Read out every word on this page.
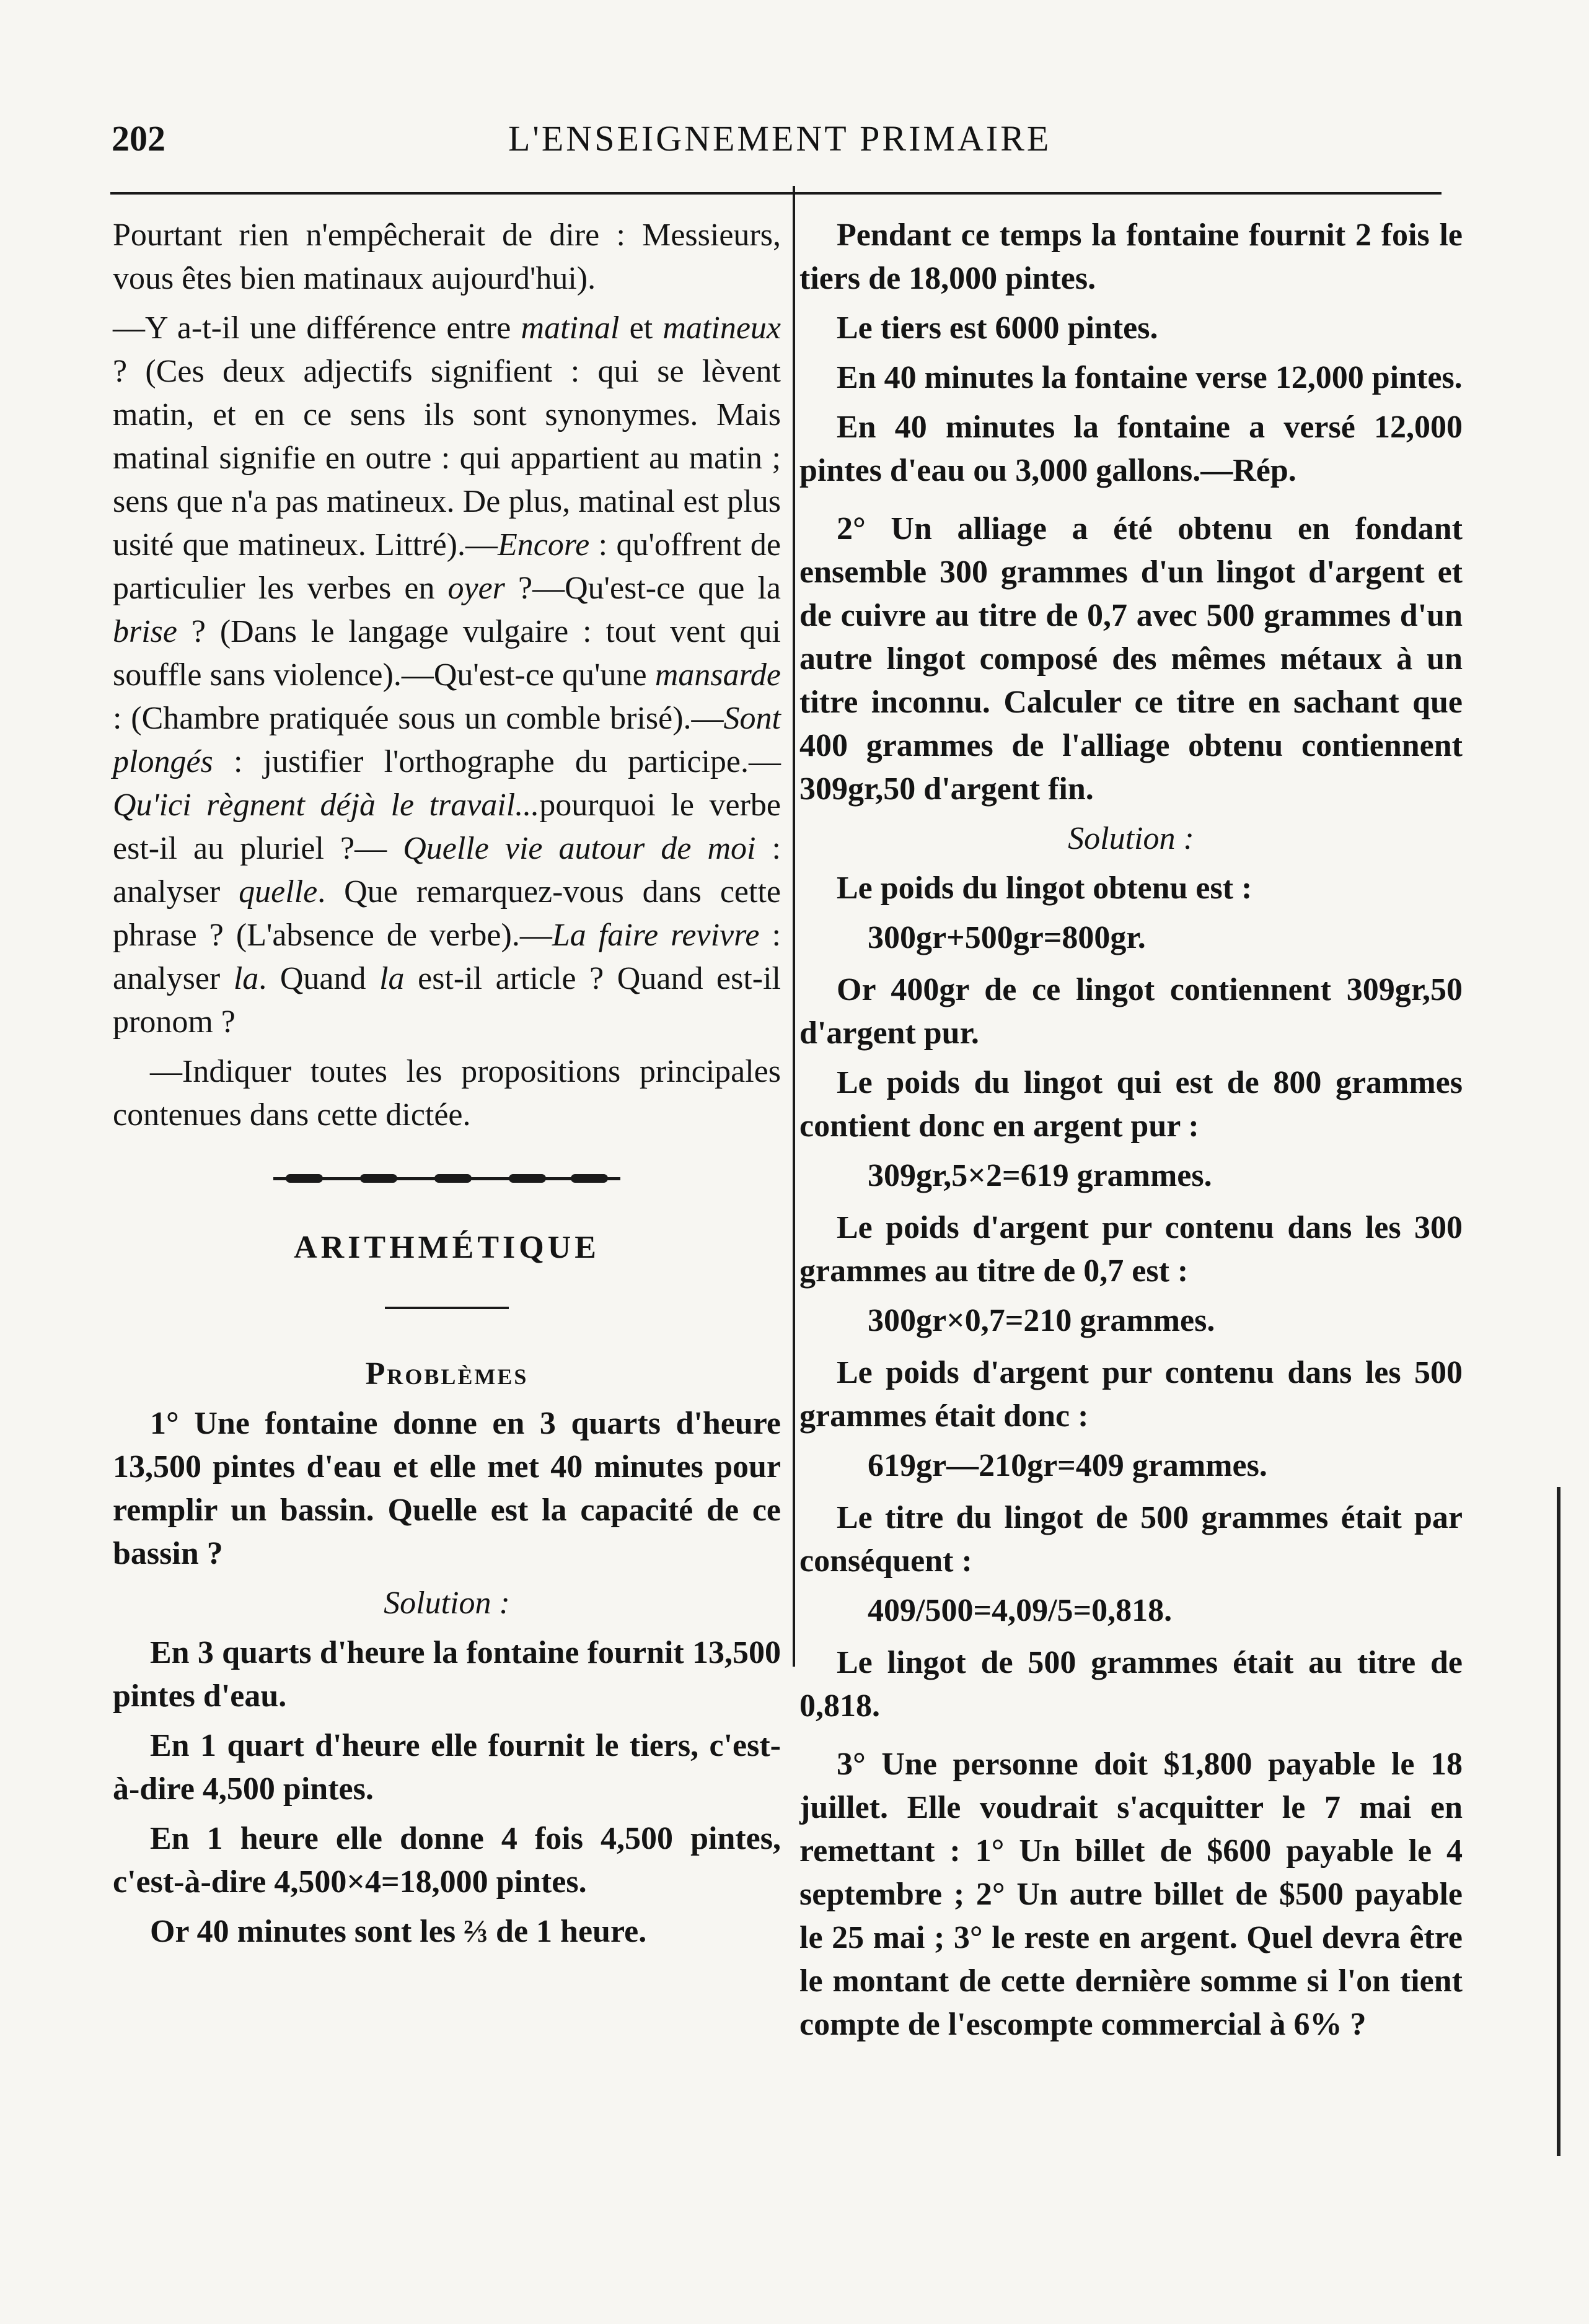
202	L'ENSEIGNEMENT PRIMAIRE

Pourtant rien n'empêcherait de dire : Messieurs, vous êtes bien matinaux aujourd'hui).

—Y a-t-il une différence entre matinal et matineux ? (Ces deux adjectifs signifient : qui se lèvent matin, et en ce sens ils sont synonymes. Mais matinal signifie en outre : qui appartient au matin ; sens que n'a pas matineux. De plus, matinal est plus usité que matineux. Littré).—Encore : qu'offrent de particulier les verbes en oyer ?—Qu'est-ce que la brise ? (Dans le langage vulgaire : tout vent qui souffle sans violence).—Qu'est-ce qu'une mansarde : (Chambre pratiquée sous un comble brisé).—Sont plongés : justifier l'orthographe du participe.—Qu'ici règnent déjà le travail...pourquoi le verbe est-il au pluriel ?— Quelle vie autour de moi : analyser quelle. Que remarquez-vous dans cette phrase ? (L'absence de verbe).—La faire revivre : analyser la. Quand la est-il article ? Quand est-il pronom ?

—Indiquer toutes les propositions principales contenues dans cette dictée.

ARITHMÉTIQUE

Problèmes

1° Une fontaine donne en 3 quarts d'heure 13,500 pintes d'eau et elle met 40 minutes pour remplir un bassin. Quelle est la capacité de ce bassin ?

Solution :

En 3 quarts d'heure la fontaine fournit 13,500 pintes d'eau.

En 1 quart d'heure elle fournit le tiers, c'est-à-dire 4,500 pintes.

En 1 heure elle donne 4 fois 4,500 pintes, c'est-à-dire 4,500×4=18,000 pintes.

Or 40 minutes sont les ⅔ de 1 heure.

Pendant ce temps la fontaine fournit 2 fois le tiers de 18,000 pintes.

Le tiers est 6000 pintes.

En 40 minutes la fontaine verse 12,000 pintes.

En 40 minutes la fontaine a versé 12,000 pintes d'eau ou 3,000 gallons.—Rép.

2° Un alliage a été obtenu en fondant ensemble 300 grammes d'un lingot d'argent et de cuivre au titre de 0,7 avec 500 grammes d'un autre lingot composé des mêmes métaux à un titre inconnu. Calculer ce titre en sachant que 400 grammes de l'alliage obtenu contiennent 309gr,50 d'argent fin.

Solution :

Le poids du lingot obtenu est :

300gr+500gr=800gr.

Or 400gr de ce lingot contiennent 309gr,50 d'argent pur.

Le poids du lingot qui est de 800 grammes contient donc en argent pur :

309gr,5×2=619 grammes.

Le poids d'argent pur contenu dans les 300 grammes au titre de 0,7 est :

300gr×0,7=210 grammes.

Le poids d'argent pur contenu dans les 500 grammes était donc :

619gr—210gr=409 grammes.

Le titre du lingot de 500 grammes était par conséquent :

409/500=4,09/5=0,818.

Le lingot de 500 grammes était au titre de 0,818.

3° Une personne doit $1,800 payable le 18 juillet. Elle voudrait s'acquitter le 7 mai en remettant : 1° Un billet de $600 payable le 4 septembre ; 2° Un autre billet de $500 payable le 25 mai ; 3° le reste en argent. Quel devra être le montant de cette dernière somme si l'on tient compte de l'escompte commercial à 6% ?
